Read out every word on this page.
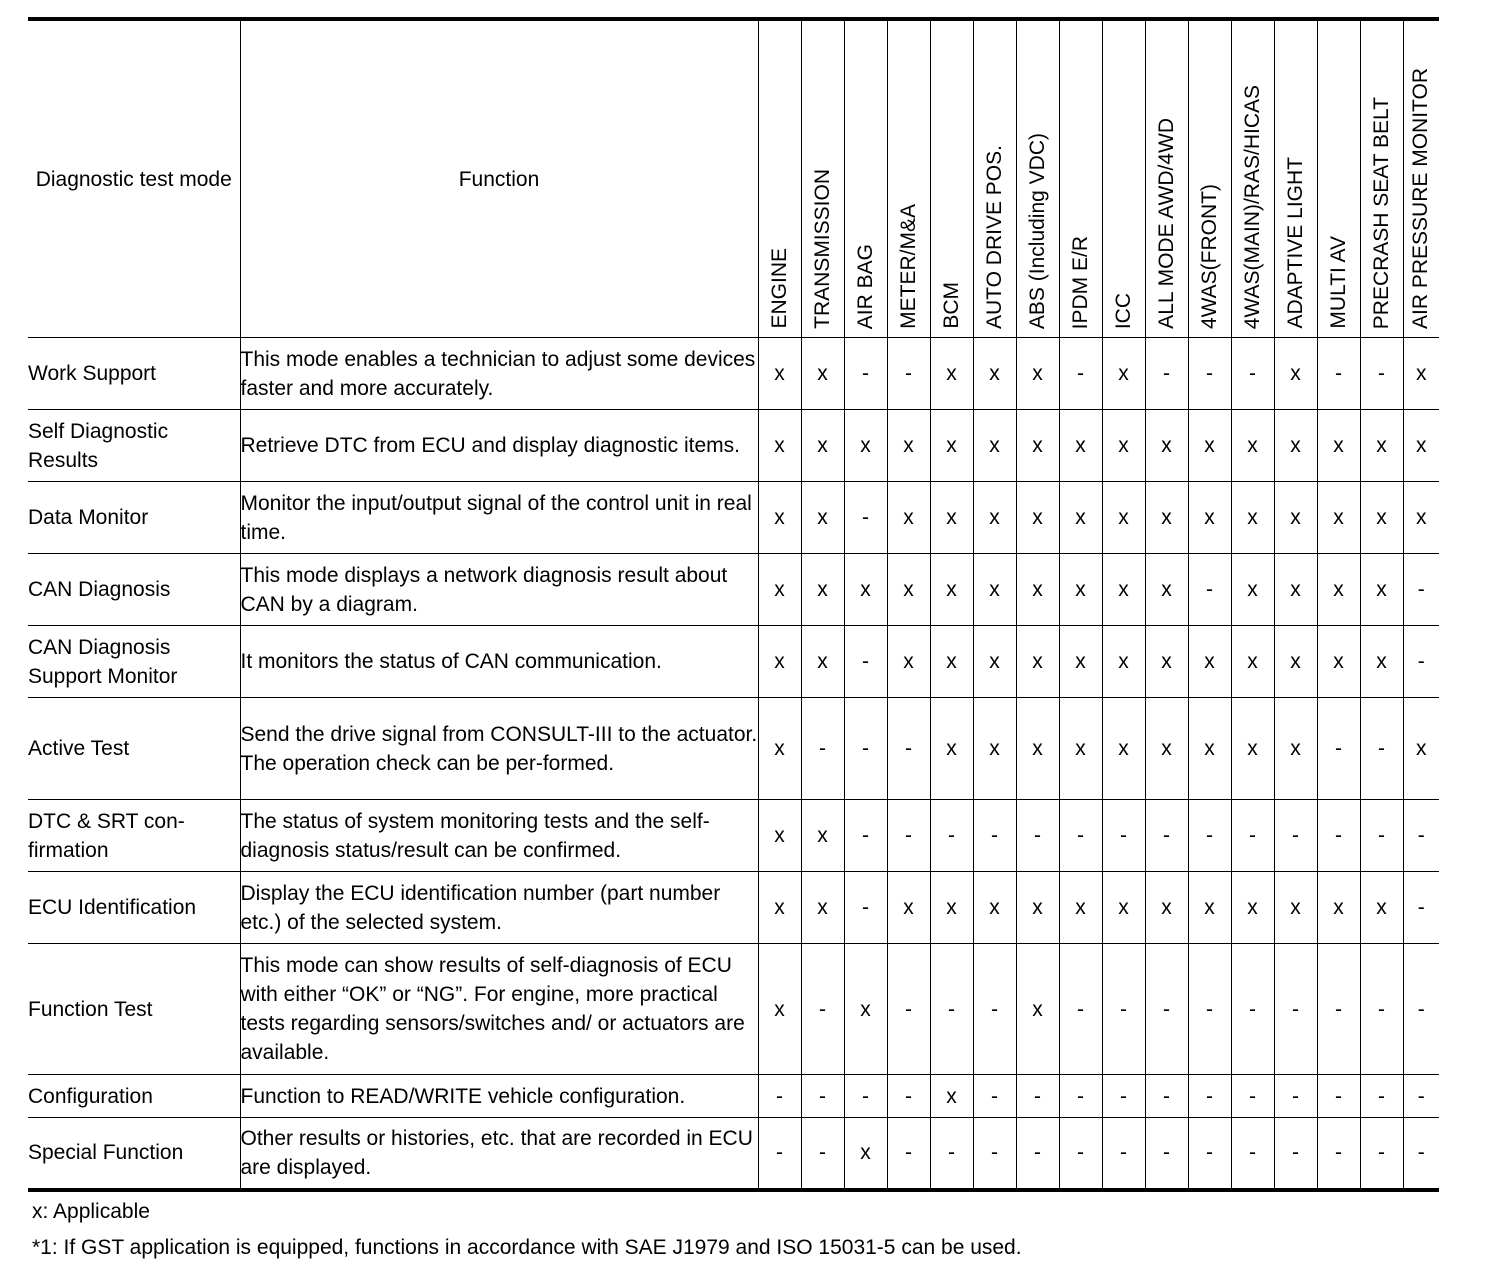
Diagnostic test mode	Function	ENGINE	TRANSMISSION	AIR BAG	METER/M&A	BCM	AUTO DRIVE POS.	ABS (Including VDC)	IPDM E/R	ICC	ALL MODE AWD/4WD	4WAS(FRONT)	4WAS(MAIN)/RAS/HICAS	ADAPTIVE LIGHT	MULTI AV	PRECRASH SEAT BELT	AIR PRESSURE MONITOR

Work Support	This mode enables a technician to adjust some devices faster and more accurately.	x	x	-	-	x	x	x	-	x	-	-	-	x	-	-	x
Self Diagnostic Results	Retrieve DTC from ECU and display diagnostic items.	x	x	x	x	x	x	x	x	x	x	x	x	x	x	x	x
Data Monitor	Monitor the input/output signal of the control unit in real time.	x	x	-	x	x	x	x	x	x	x	x	x	x	x	x	x
CAN Diagnosis	This mode displays a network diagnosis result about CAN by a diagram.	x	x	x	x	x	x	x	x	x	x	-	x	x	x	x	-
CAN Diagnosis Support Monitor	It monitors the status of CAN communication.	x	x	-	x	x	x	x	x	x	x	x	x	x	x	x	-
Active Test	Send the drive signal from CONSULT-III to the actuator. The operation check can be per-formed.	x	-	-	-	x	x	x	x	x	x	x	x	x	-	-	x
DTC & SRT con-firmation	The status of system monitoring tests and the self-diagnosis status/result can be confirmed.	x	x	-	-	-	-	-	-	-	-	-	-	-	-	-	-
ECU Identification	Display the ECU identification number (part number etc.) of the selected system.	x	x	-	x	x	x	x	x	x	x	x	x	x	x	x	-
Function Test	This mode can show results of self-diagnosis of ECU with either “OK” or “NG”. For engine, more practical tests regarding sensors/switches and/ or actuators are available.	x	-	x	-	-	-	x	-	-	-	-	-	-	-	-	-
Configuration	Function to READ/WRITE vehicle configuration.	-	-	-	-	x	-	-	-	-	-	-	-	-	-	-	-
Special Function	Other results or histories, etc. that are recorded in ECU are displayed.	-	-	x	-	-	-	-	-	-	-	-	-	-	-	-	-
x: Applicable
*1: If GST application is equipped, functions in accordance with SAE J1979 and ISO 15031-5 can be used.
